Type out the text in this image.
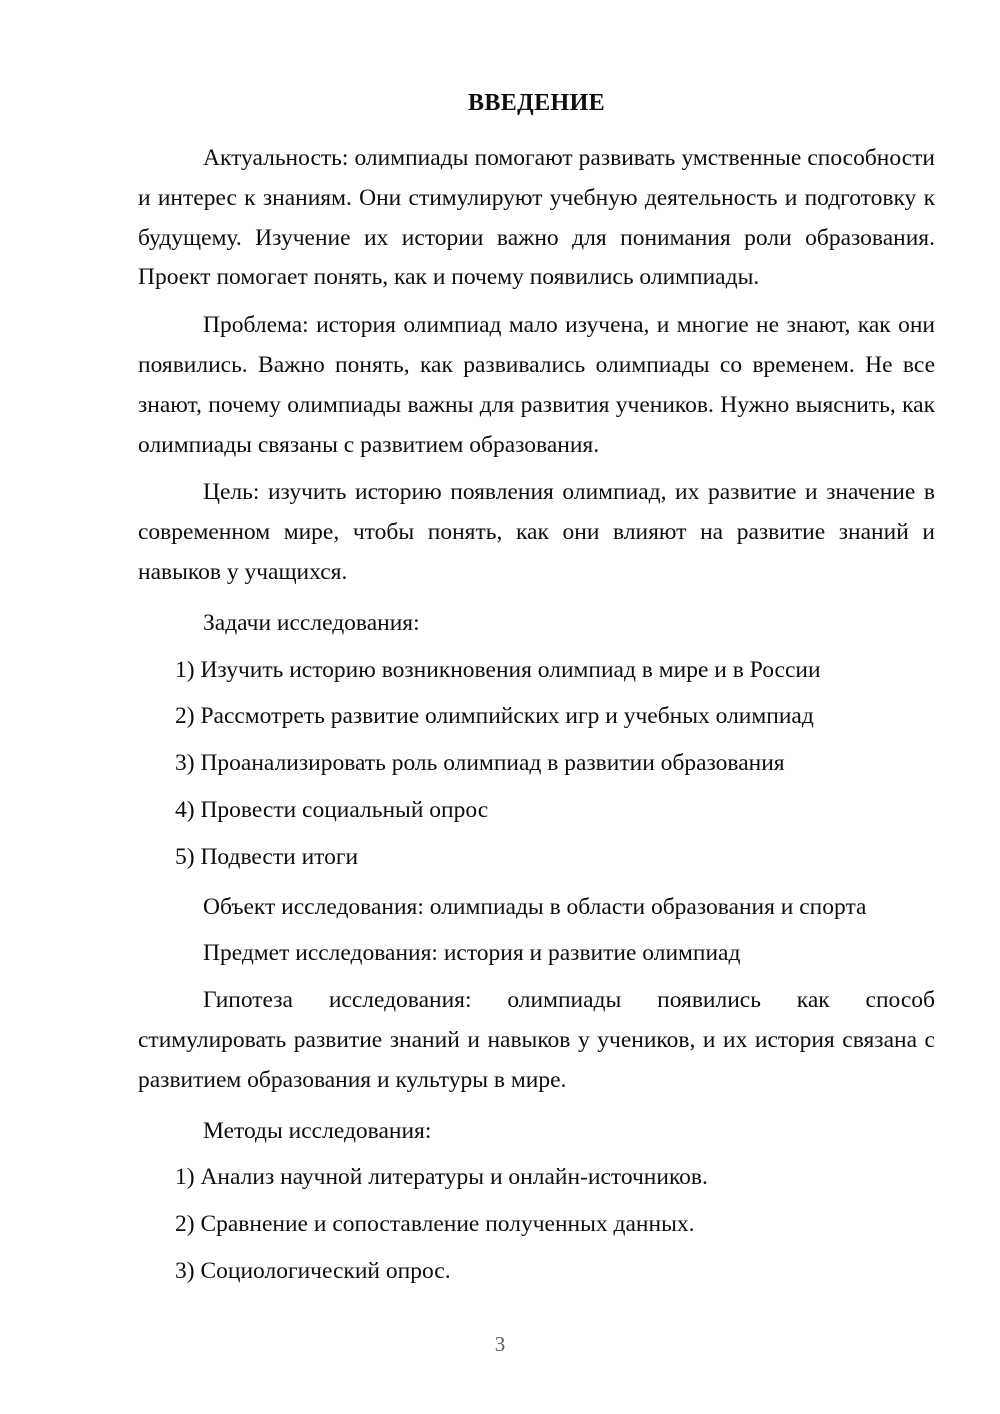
ВВЕДЕНИЕ

Актуальность: олимпиады помогают развивать умственные способности и интерес к знаниям. Они стимулируют учебную деятельность и подготовку к будущему. Изучение их истории важно для понимания роли образования. Проект помогает понять, как и почему появились олимпиады.

Проблема: история олимпиад мало изучена, и многие не знают, как они появились. Важно понять, как развивались олимпиады со временем. Не все знают, почему олимпиады важны для развития учеников. Нужно выяснить, как олимпиады связаны с развитием образования.

Цель: изучить историю появления олимпиад, их развитие и значение в современном мире, чтобы понять, как они влияют на развитие знаний и навыков у учащихся.

Задачи исследования:

1) Изучить историю возникновения олимпиад в мире и в России
2) Рассмотреть развитие олимпийских игр и учебных олимпиад
3) Проанализировать роль олимпиад в развитии образования
4) Провести социальный опрос
5) Подвести итоги

Объект исследования: олимпиады в области образования и спорта

Предмет исследования: история и развитие олимпиад

Гипотеза исследования: олимпиады появились как способ стимулировать развитие знаний и навыков у учеников, и их история связана с развитием образования и культуры в мире.

Методы исследования:

1) Анализ научной литературы и онлайн-источников.
2) Сравнение и сопоставление полученных данных.
3) Социологический опрос.
3
